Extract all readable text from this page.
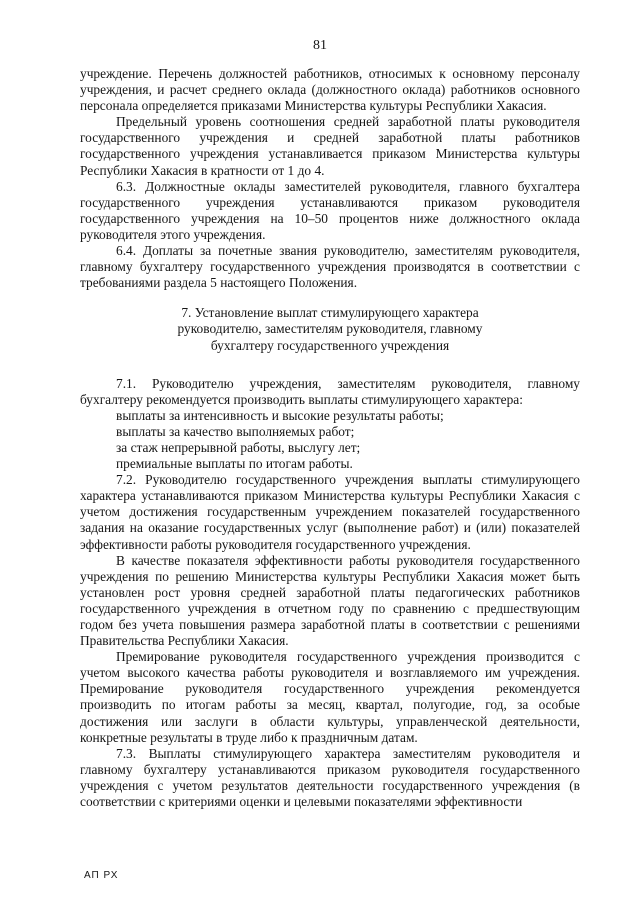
81

учреждение. Перечень должностей работников, относимых к основному персоналу учреждения, и расчет среднего оклада (должностного оклада) работников основного персонала определяется приказами Министерства культуры Республики Хакасия.

Предельный уровень соотношения средней заработной платы руководителя государственного учреждения и средней заработной платы работников государственного учреждения устанавливается приказом Министерства культуры Республики Хакасия в кратности от 1 до 4.

6.3. Должностные оклады заместителей руководителя, главного бухгалтера государственного учреждения устанавливаются приказом руководителя государственного учреждения на 10–50 процентов ниже должностного оклада руководителя этого учреждения.

6.4. Доплаты за почетные звания руководителю, заместителям руководителя, главному бухгалтеру государственного учреждения производятся в соответствии с требованиями раздела 5 настоящего Положения.

7. Установление выплат стимулирующего характера
руководителю, заместителям руководителя, главному
бухгалтеру государственного учреждения

7.1. Руководителю учреждения, заместителям руководителя, главному бухгалтеру рекомендуется производить выплаты стимулирующего характера:

выплаты за интенсивность и высокие результаты работы;
выплаты за качество выполняемых работ;
за стаж непрерывной работы, выслугу лет;
премиальные выплаты по итогам работы.

7.2. Руководителю государственного учреждения выплаты стимулирующего характера устанавливаются приказом Министерства культуры Республики Хакасия с учетом достижения государственным учреждением показателей государственного задания на оказание государственных услуг (выполнение работ) и (или) показателей эффективности работы руководителя государственного учреждения.

В качестве показателя эффективности работы руководителя государственного учреждения по решению Министерства культуры Республики Хакасия может быть установлен рост уровня средней заработной платы педагогических работников государственного учреждения в отчетном году по сравнению с предшествующим годом без учета повышения размера заработной платы в соответствии с решениями Правительства Республики Хакасия.

Премирование руководителя государственного учреждения производится с учетом высокого качества работы руководителя и возглавляемого им учреждения. Премирование руководителя государственного учреждения рекомендуется производить по итогам работы за месяц, квартал, полугодие, год, за особые достижения или заслуги в области культуры, управленческой деятельности, конкретные результаты в труде либо к праздничным датам.

7.3. Выплаты стимулирующего характера заместителям руководителя и главному бухгалтеру устанавливаются приказом руководителя государственного учреждения с учетом результатов деятельности государственного учреждения (в соответствии с критериями оценки и целевыми показателями эффективности

АП РХ
